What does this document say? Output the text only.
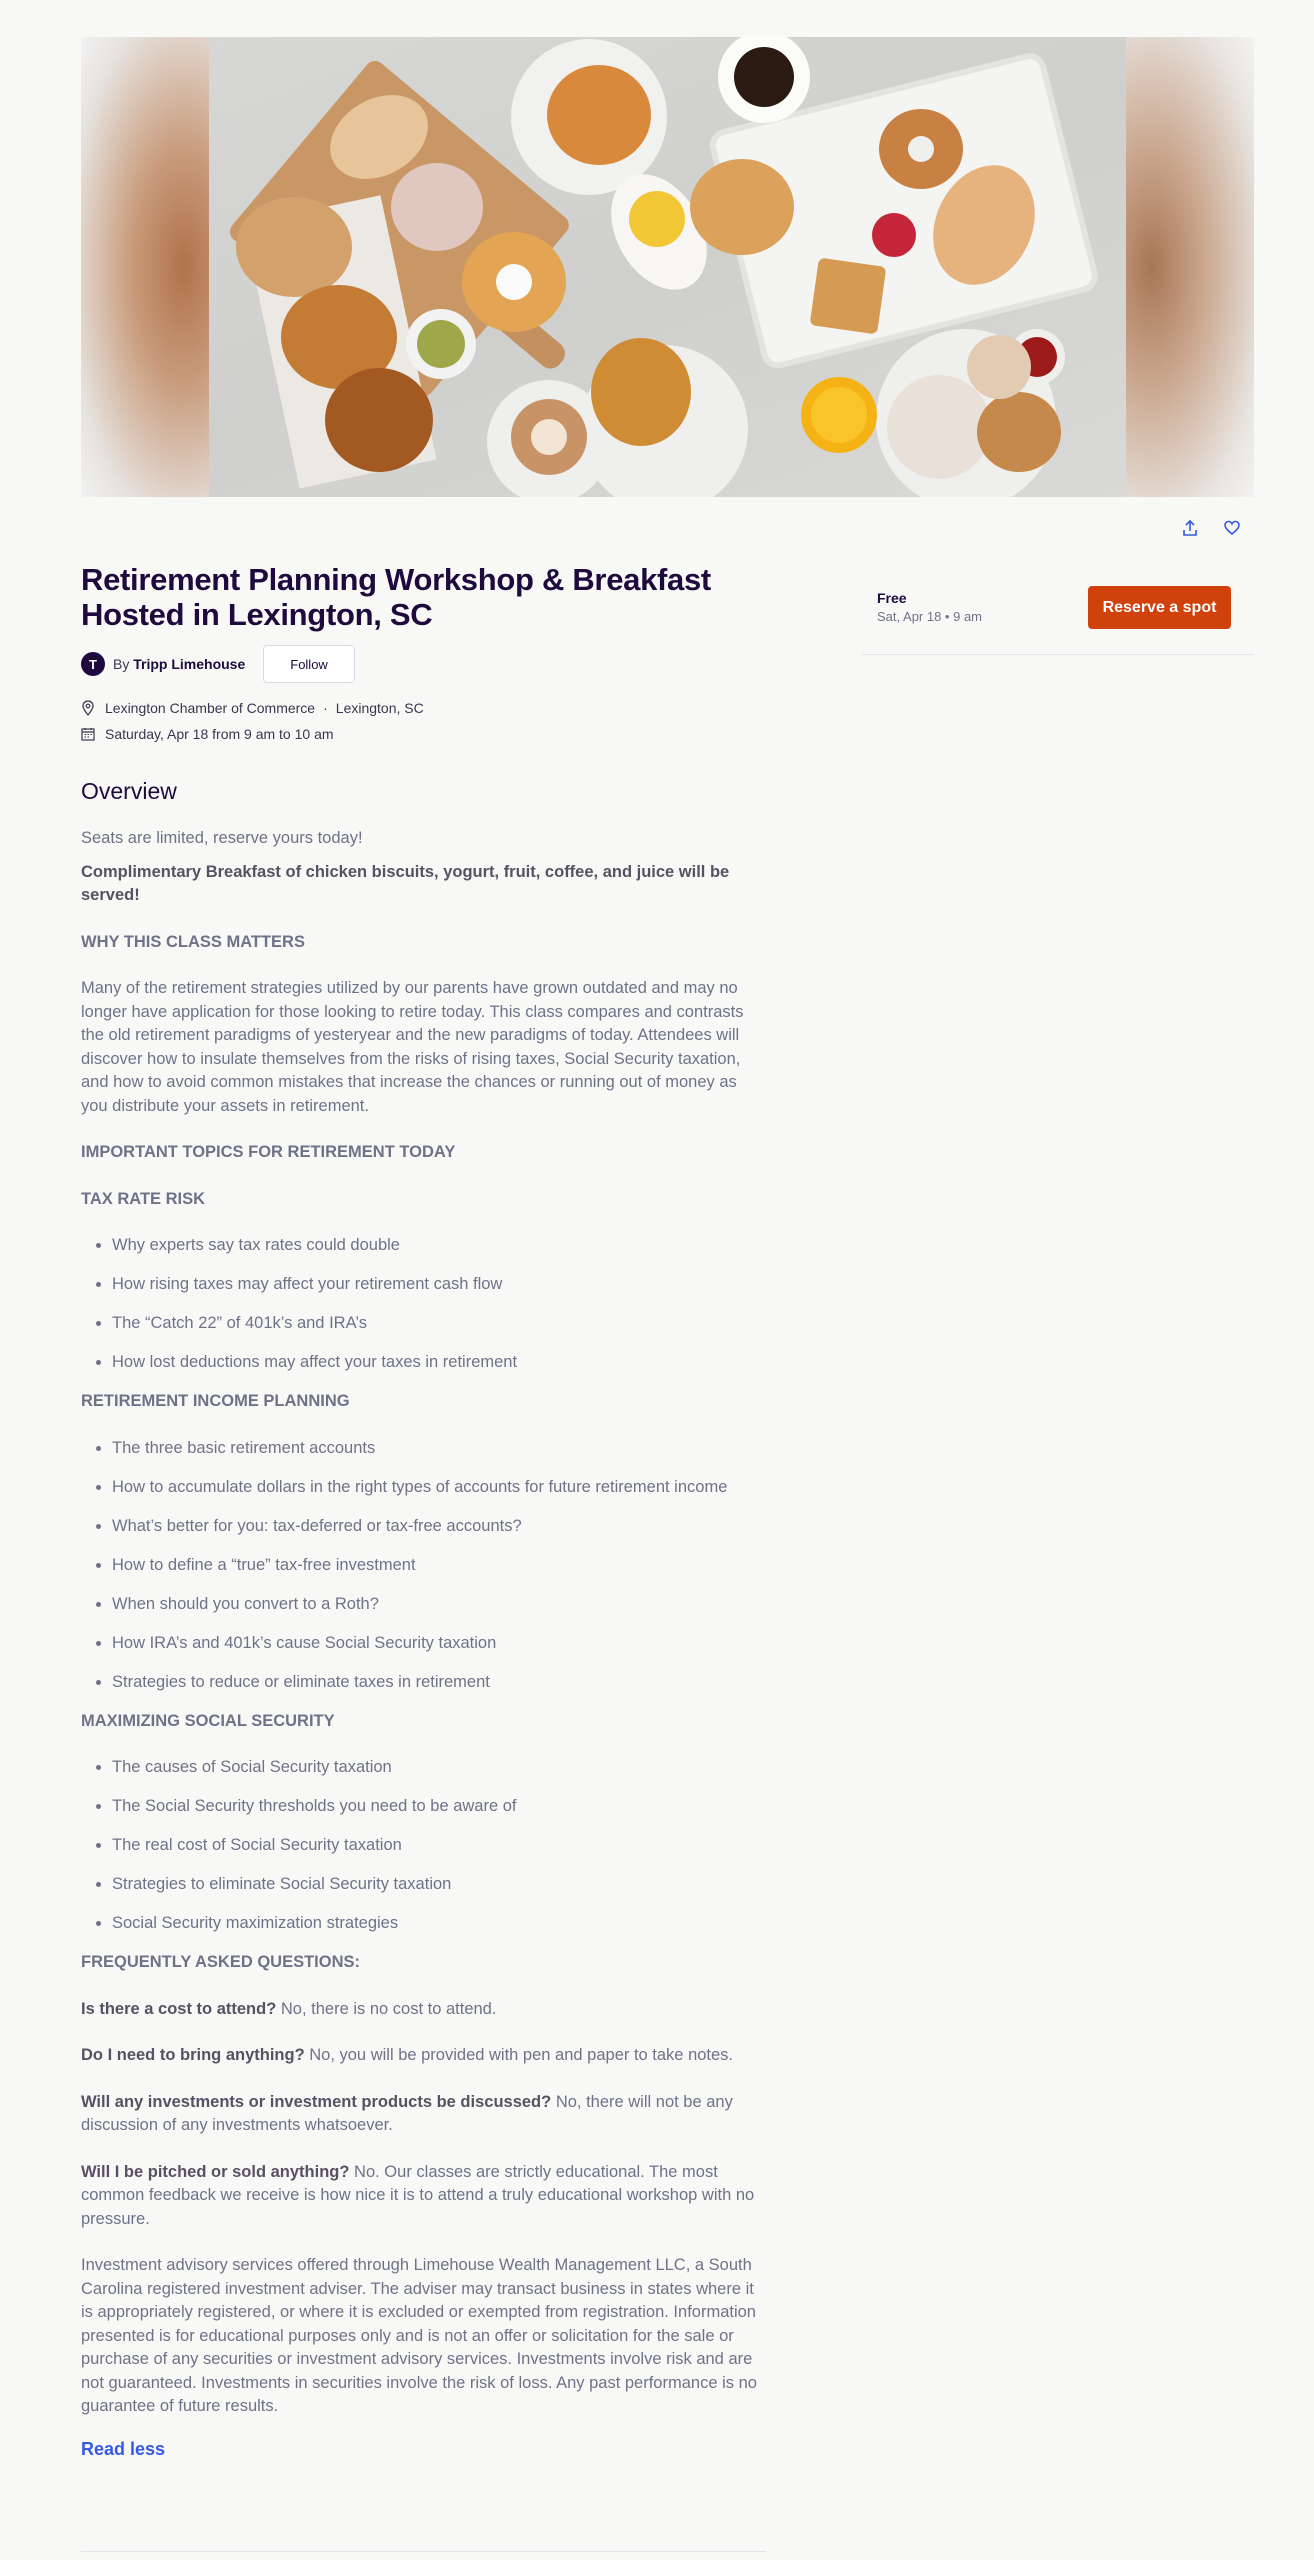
Retirement Planning Workshop & Breakfast Hosted in Lexington, SC
T	By Tripp Limehouse	Follow
Lexington Chamber of Commerce · Lexington, SC
Saturday, Apr 18 from 9 am to 10 am
Free
Sat, Apr 18 • 9 am
Reserve a spot
Overview

Seats are limited, reserve yours today!

Complimentary Breakfast of chicken biscuits, yogurt, fruit, coffee, and juice will be served!

WHY THIS CLASS MATTERS

Many of the retirement strategies utilized by our parents have grown outdated and may no longer have application for those looking to retire today. This class compares and contrasts the old retirement paradigms of yesteryear and the new paradigms of today. Attendees will discover how to insulate themselves from the risks of rising taxes, Social Security taxation, and how to avoid common mistakes that increase the chances or running out of money as you distribute your assets in retirement.

IMPORTANT TOPICS FOR RETIREMENT TODAY

TAX RATE RISK

• Why experts say tax rates could double
• How rising taxes may affect your retirement cash flow
• The “Catch 22” of 401k’s and IRA’s
• How lost deductions may affect your taxes in retirement

RETIREMENT INCOME PLANNING

• The three basic retirement accounts
• How to accumulate dollars in the right types of accounts for future retirement income
• What’s better for you: tax-deferred or tax-free accounts?
• How to define a “true” tax-free investment
• When should you convert to a Roth?
• How IRA’s and 401k’s cause Social Security taxation
• Strategies to reduce or eliminate taxes in retirement

MAXIMIZING SOCIAL SECURITY

• The causes of Social Security taxation
• The Social Security thresholds you need to be aware of
• The real cost of Social Security taxation
• Strategies to eliminate Social Security taxation
• Social Security maximization strategies

FREQUENTLY ASKED QUESTIONS:

Is there a cost to attend? No, there is no cost to attend.

Do I need to bring anything? No, you will be provided with pen and paper to take notes.

Will any investments or investment products be discussed? No, there will not be any discussion of any investments whatsoever.

Will I be pitched or sold anything? No. Our classes are strictly educational. The most common feedback we receive is how nice it is to attend a truly educational workshop with no pressure.

Investment advisory services offered through Limehouse Wealth Management LLC, a South Carolina registered investment adviser. The adviser may transact business in states where it is appropriately registered, or where it is excluded or exempted from registration. Information presented is for educational purposes only and is not an offer or solicitation for the sale or purchase of any securities or investment advisory services. Investments involve risk and are not guaranteed. Investments in securities involve the risk of loss. Any past performance is no guarantee of future results.

Read less
